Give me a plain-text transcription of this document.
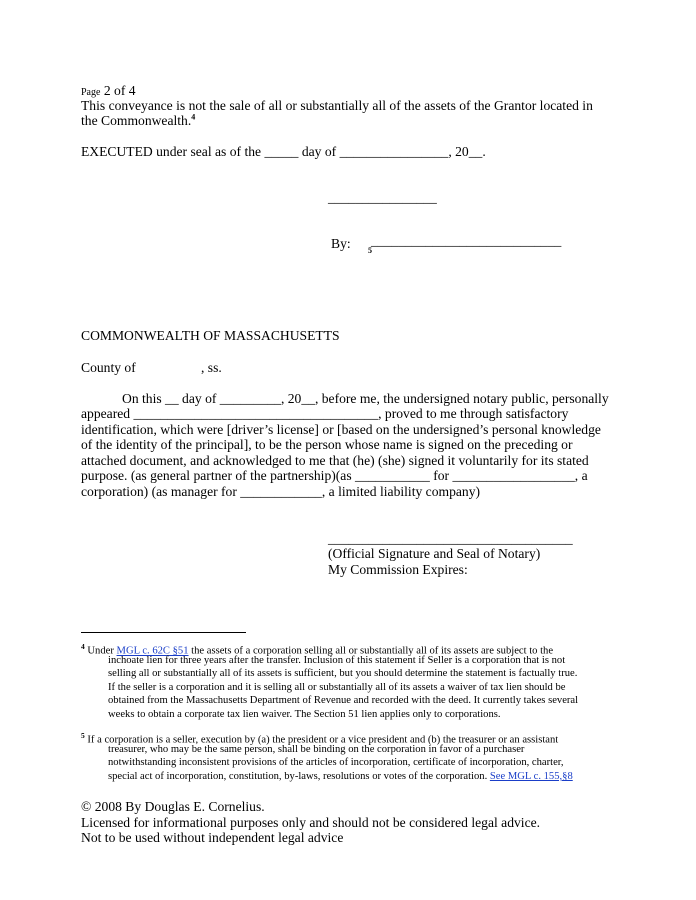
Page 2 of 4
This conveyance is not the sale of all or substantially all of the assets of the Grantor located in
the Commonwealth.$^4$
EXECUTED under seal as of the _____ day of ________________, 20__.
________________
By: ____________________________
5
COMMONWEALTH OF MASSACHUSETTS
County of	, ss.
On this __ day of _________, 20__, before me, the undersigned notary public, personally
appeared ____________________________________, proved to me through satisfactory
identification, which were [driver’s license] or [based on the undersigned’s personal knowledge
of the identity of the principal], to be the person whose name is signed on the preceding or
attached document, and acknowledged to me that (he) (she) signed it voluntarily for its stated
purpose. (as general partner of the partnership)(as ___________ for __________________, a
corporation) (as manager for ____________, a limited liability company)
____________________________________
(Official Signature and Seal of Notary)
My Commission Expires:
$^4$ Under MGL c. 62C §51 the assets of a corporation selling all or substantially all of its assets are subject to the
inchoate lien for three years after the transfer. Inclusion of this statement if Seller is a corporation that is not
selling all or substantially all of its assets is sufficient, but you should determine the statement is factually true.
If the seller is a corporation and it is selling all or substantially all of its assets a waiver of tax lien should be
obtained from the Massachusetts Department of Revenue and recorded with the deed. It currently takes several
weeks to obtain a corporate tax lien waiver. The Section 51 lien applies only to corporations.
$^5$ If a corporation is a seller, execution by (a) the president or a vice president and (b) the treasurer or an assistant
treasurer, who may be the same person, shall be binding on the corporation in favor of a purchaser
notwithstanding inconsistent provisions of the articles of incorporation, certificate of incorporation, charter,
special act of incorporation, constitution, by-laws, resolutions or votes of the corporation. See MGL c. 155,§8
© 2008 By Douglas E. Cornelius.
Licensed for informational purposes only and should not be considered legal advice.
Not to be used without independent legal advice
